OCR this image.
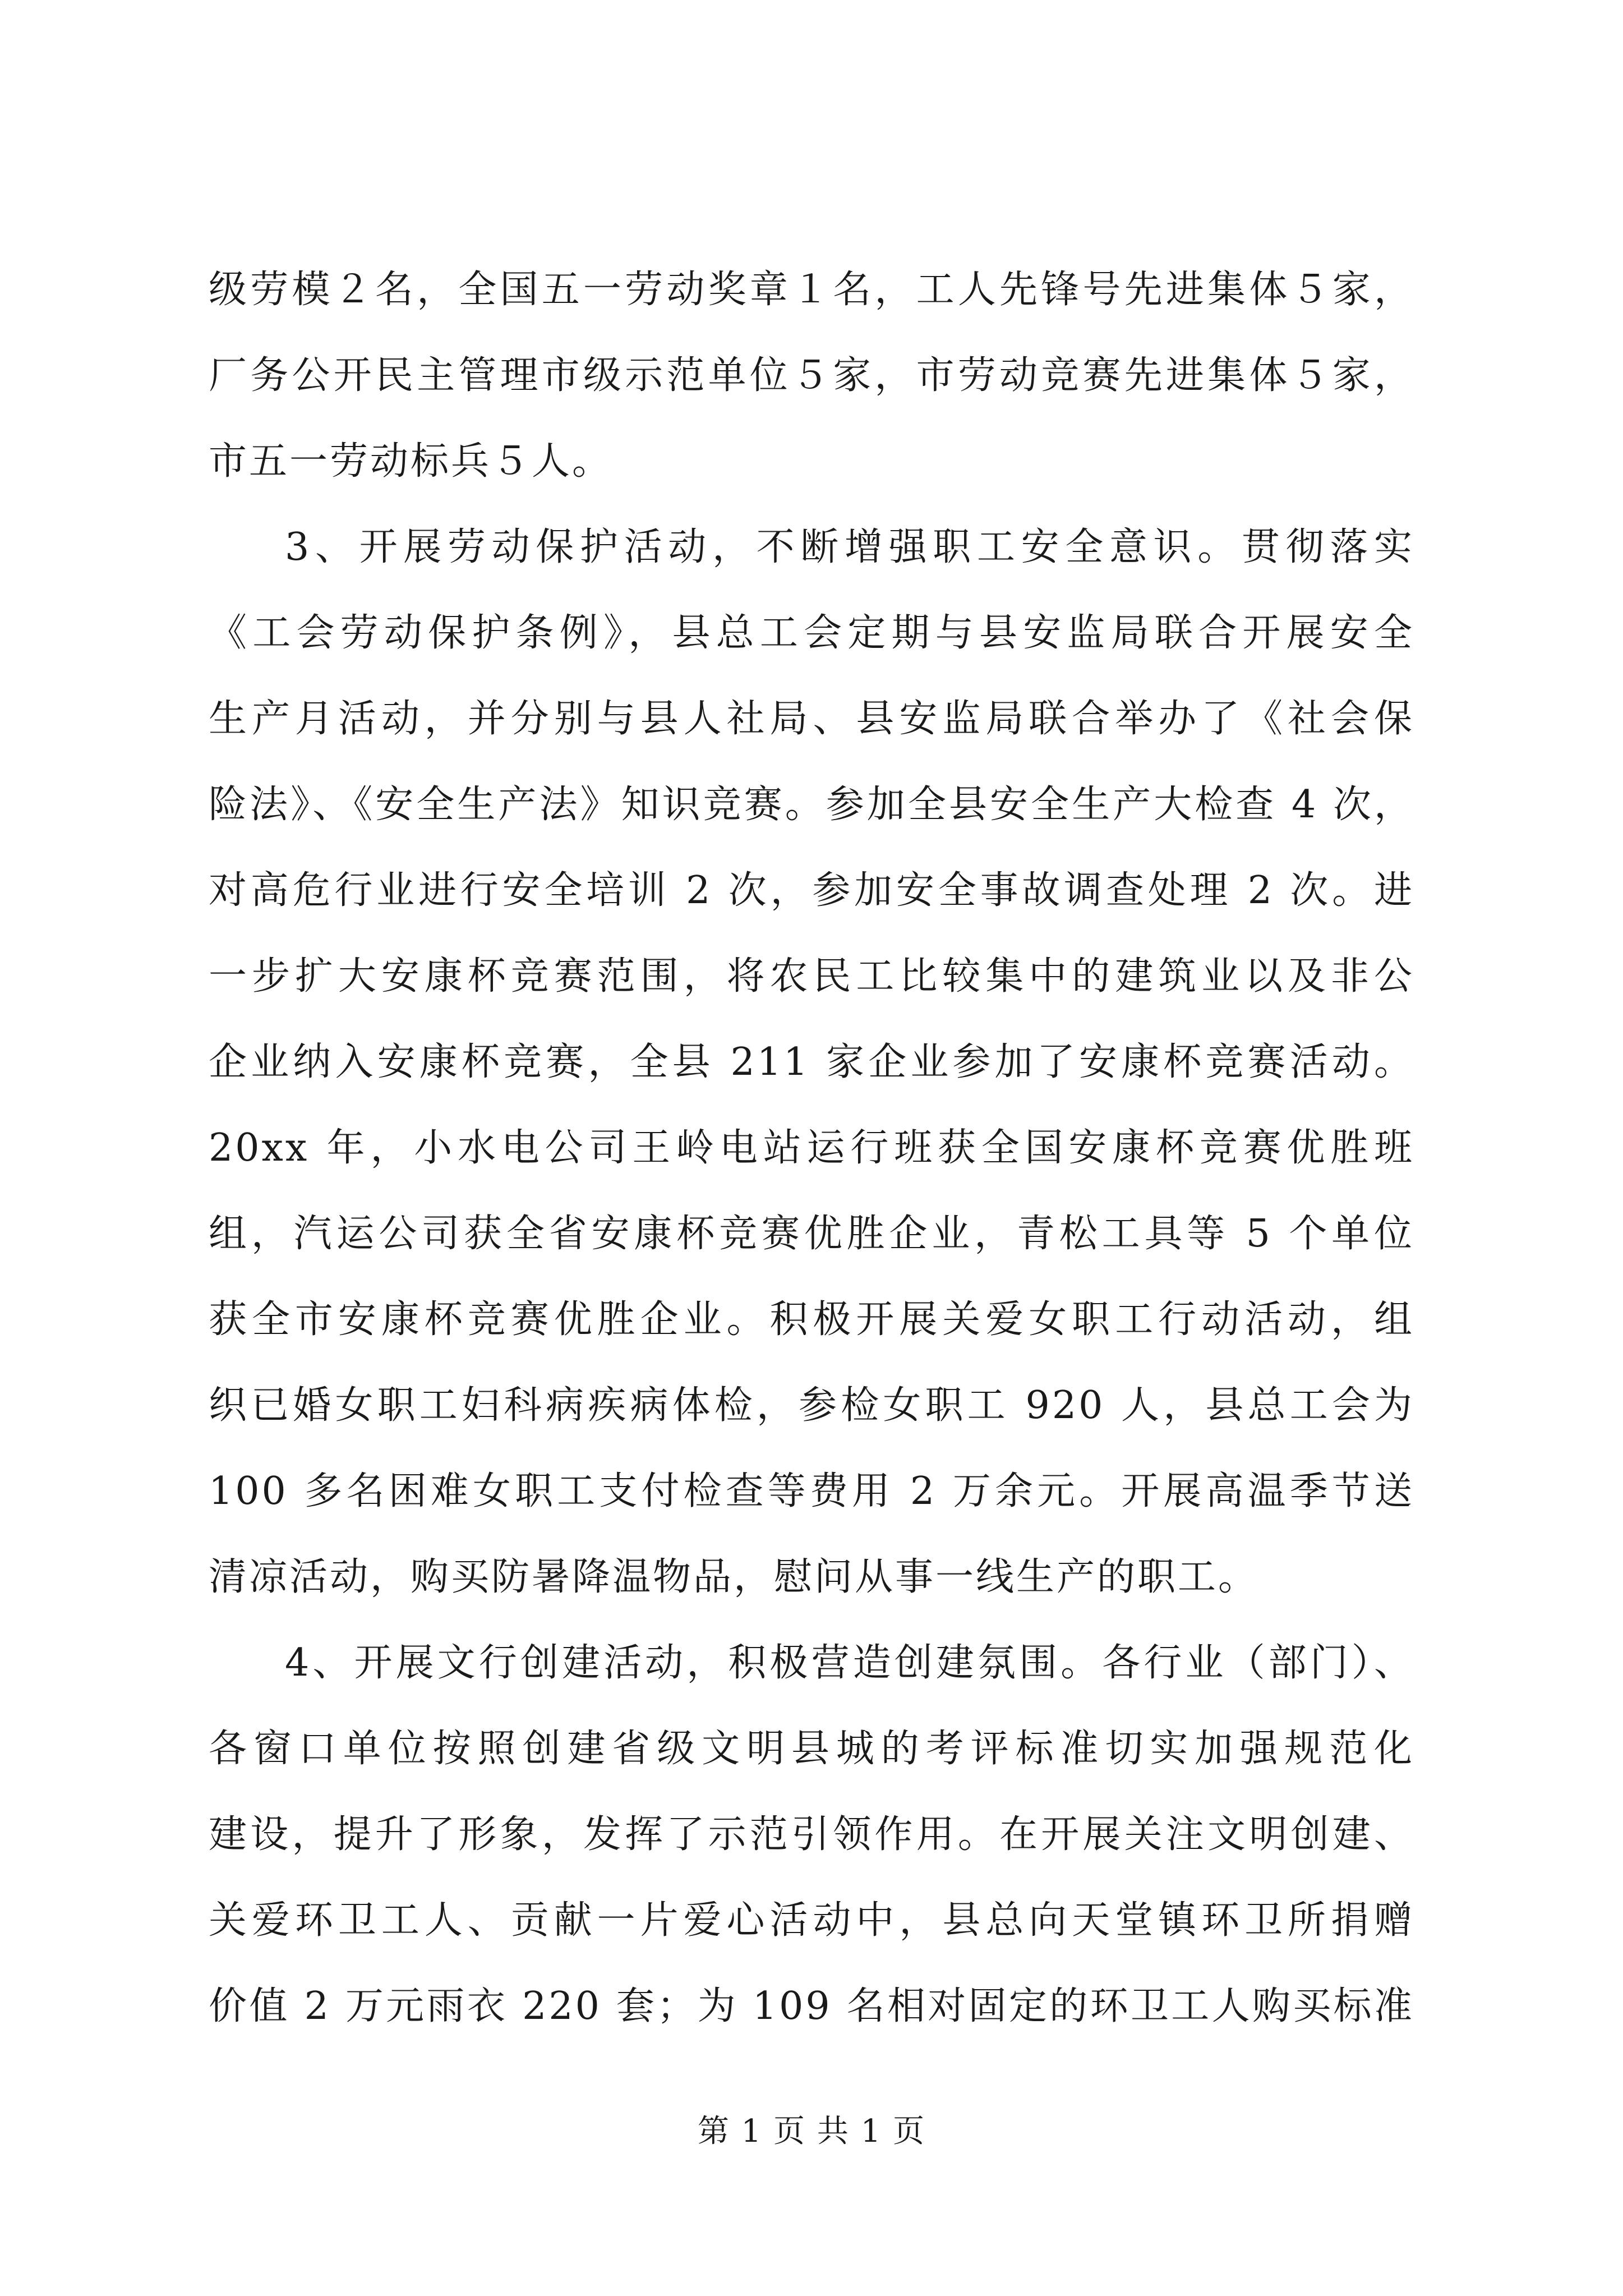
级劳模２名，全国五一劳动奖章１名，工人先锋号先进集体５家，
厂务公开民主管理市级示范单位５家，市劳动竞赛先进集体５家，
市五一劳动标兵５人。
3、开展劳动保护活动，不断增强职工安全意识。贯彻落实
《工会劳动保护条例》，县总工会定期与县安监局联合开展安全
生产月活动，并分别与县人社局、县安监局联合举办了《社会保
险法》、《安全生产法》知识竞赛。参加全县安全生产大检查 4 次，
对高危行业进行安全培训 2 次，参加安全事故调查处理 2 次。进
一步扩大安康杯竞赛范围，将农民工比较集中的建筑业以及非公
企业纳入安康杯竞赛，全县 211 家企业参加了安康杯竞赛活动。
20xx 年，小水电公司王岭电站运行班获全国安康杯竞赛优胜班
组，汽运公司获全省安康杯竞赛优胜企业，青松工具等 5 个单位
获全市安康杯竞赛优胜企业。积极开展关爱女职工行动活动，组
织已婚女职工妇科病疾病体检，参检女职工 920 人，县总工会为
100 多名困难女职工支付检查等费用 2 万余元。开展高温季节送
清凉活动，购买防暑降温物品，慰问从事一线生产的职工。
4、开展文行创建活动，积极营造创建氛围。各行业（部门）、
各窗口单位按照创建省级文明县城的考评标准切实加强规范化
建设，提升了形象，发挥了示范引领作用。在开展关注文明创建、
关爱环卫工人、贡献一片爱心活动中，县总向天堂镇环卫所捐赠
价值 2 万元雨衣 220 套；为 109 名相对固定的环卫工人购买标准
第 1 页 共 1 页
